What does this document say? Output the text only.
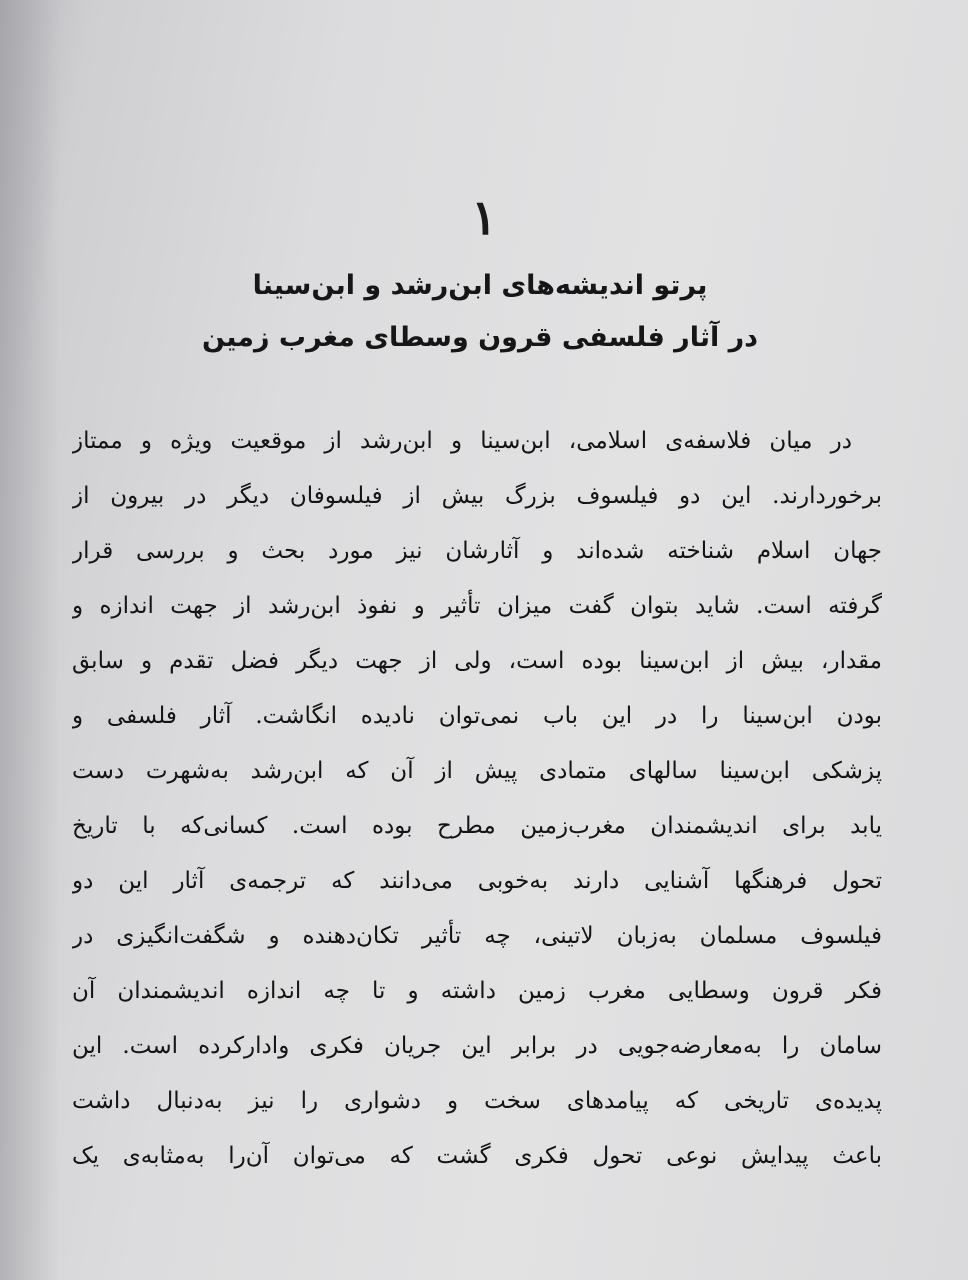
۱
پرتو اندیشه‌های ابن‌رشد و ابن‌سینا
در آثار فلسفی قرون وسطای مغرب زمین
در میان فلاسفه‌ی اسلامی، ابن‌سینا و ابن‌رشد از موقعیت ویژه و ممتاز
برخوردارند. این دو فیلسوف بزرگ بیش از فیلسوفان دیگر در بیرون از
جهان اسلام شناخته شده‌اند و آثارشان نیز مورد بحث و بررسی قرار
گرفته است. شاید بتوان گفت میزان تأثیر و نفوذ ابن‌رشد از جهت اندازه و
مقدار، بیش از ابن‌سینا بوده است، ولی از جهت دیگر فضل تقدم و سابق
بودن ابن‌سینا را در این باب نمی‌توان نادیده انگاشت. آثار فلسفی و
پزشکی ابن‌سینا سالهای متمادی پیش از آن که ابن‌رشد به‌شهرت دست
یابد برای اندیشمندان مغرب‌زمین مطرح بوده است. کسانی‌که با تاریخ
تحول فرهنگها آشنایی دارند به‌خوبی می‌دانند که ترجمه‌ی آثار این دو
فیلسوف مسلمان به‌زبان لاتینی، چه تأثیر تکان‌دهنده و شگفت‌انگیزی در
فکر قرون وسطایی مغرب زمین داشته و تا چه اندازه اندیشمندان آن
سامان را به‌معارضه‌جویی در برابر این جریان فکری وادارکرده است. این
پدیده‌ی تاریخی که پیامدهای سخت و دشواری را نیز به‌دنبال داشت
باعث پیدایش نوعی تحول فکری گشت که می‌توان آن‌را به‌مثابه‌ی یک
